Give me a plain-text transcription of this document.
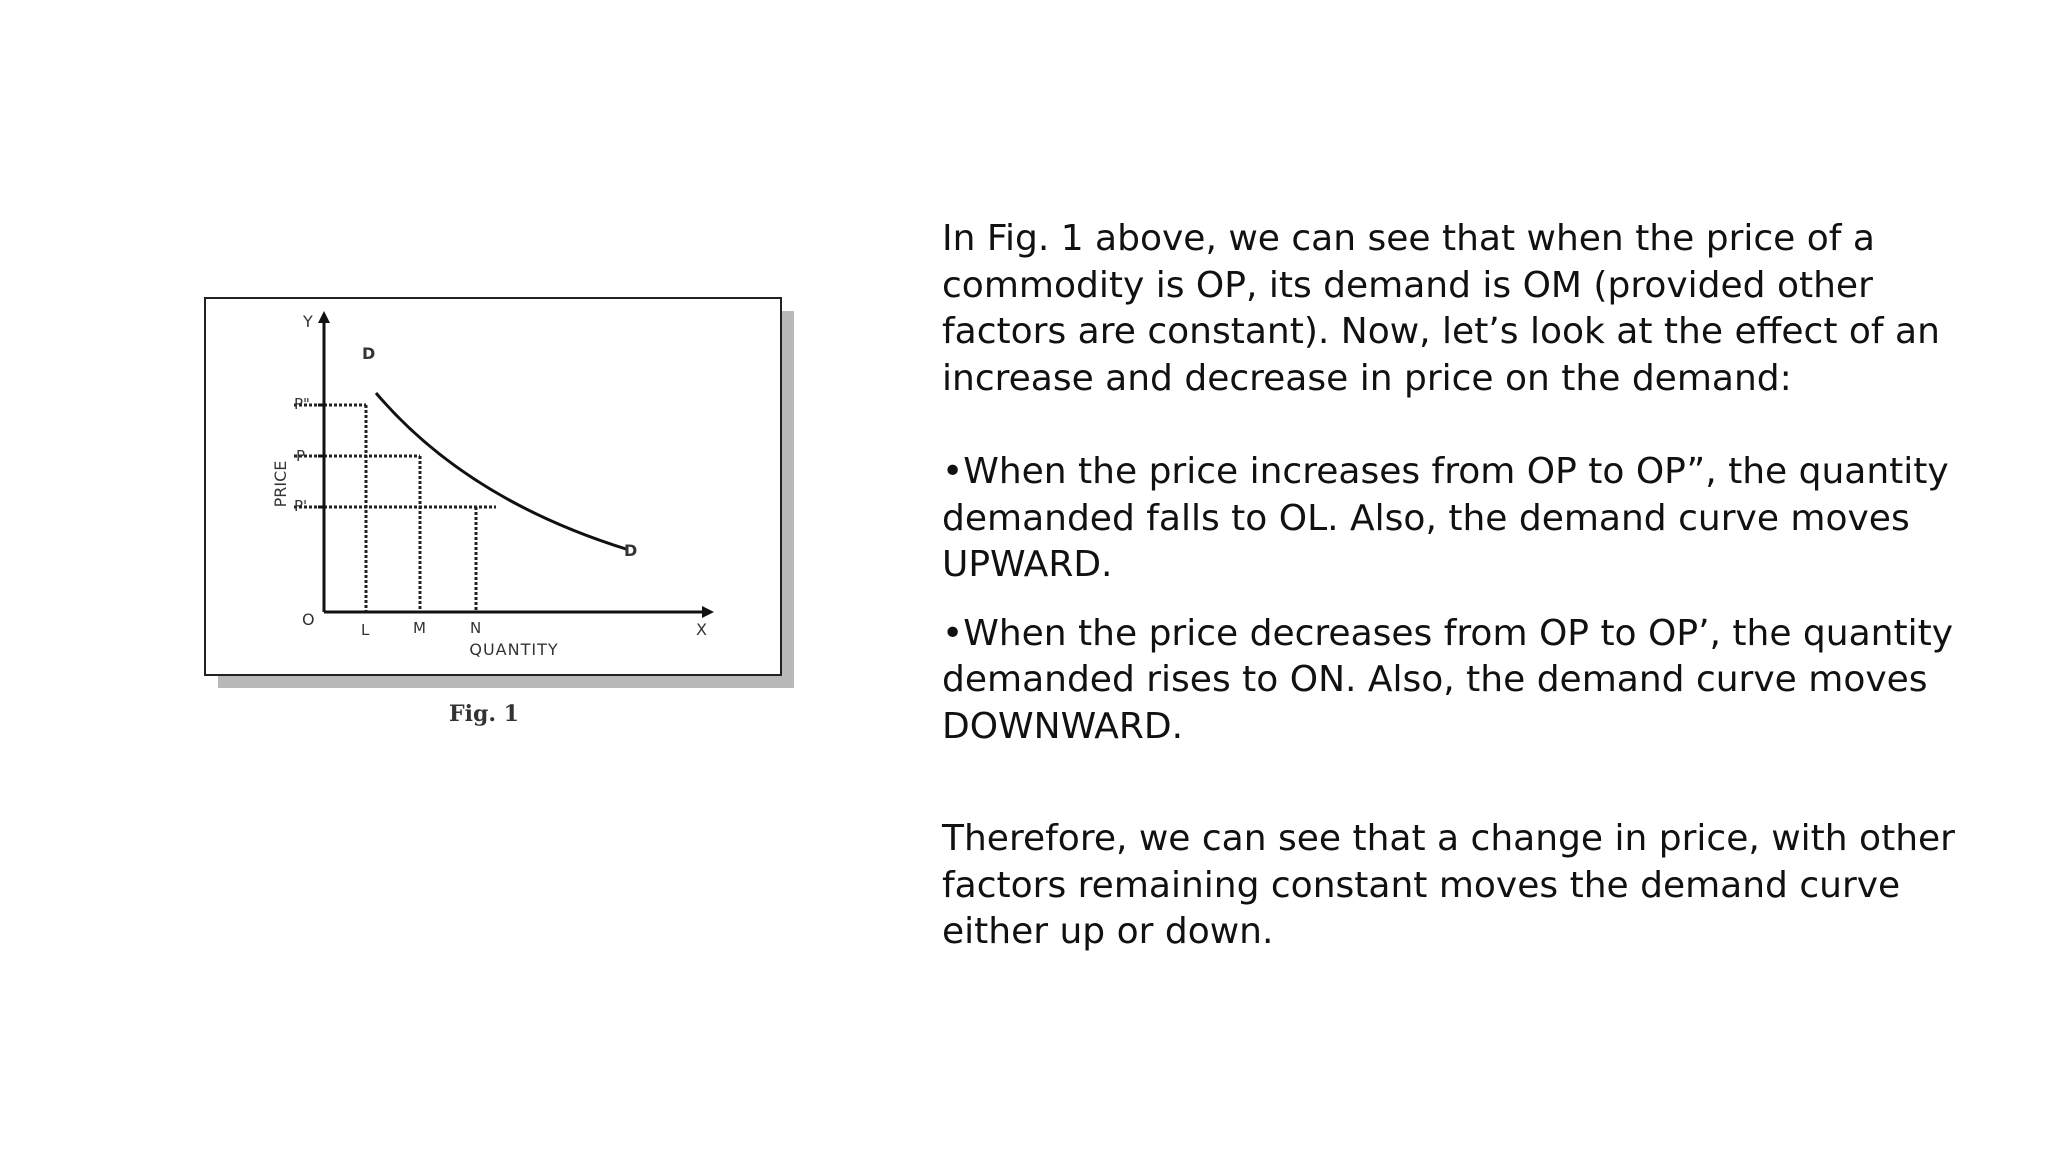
Y
X
O
D
D
P"
P
P'
L	M	N
PRICE
QUANTITY
Fig. 1

In Fig. 1 above, we can see that when the price of a commodity is OP, its demand is OM (provided other factors are constant). Now, let’s look at the effect of an increase and decrease in price on the demand:

•When the price increases from OP to OP”, the quantity demanded falls to OL. Also, the demand curve moves UPWARD.

•When the price decreases from OP to OP’, the quantity demanded rises to ON. Also, the demand curve moves DOWNWARD.

Therefore, we can see that a change in price, with other factors remaining constant moves the demand curve either up or down.
